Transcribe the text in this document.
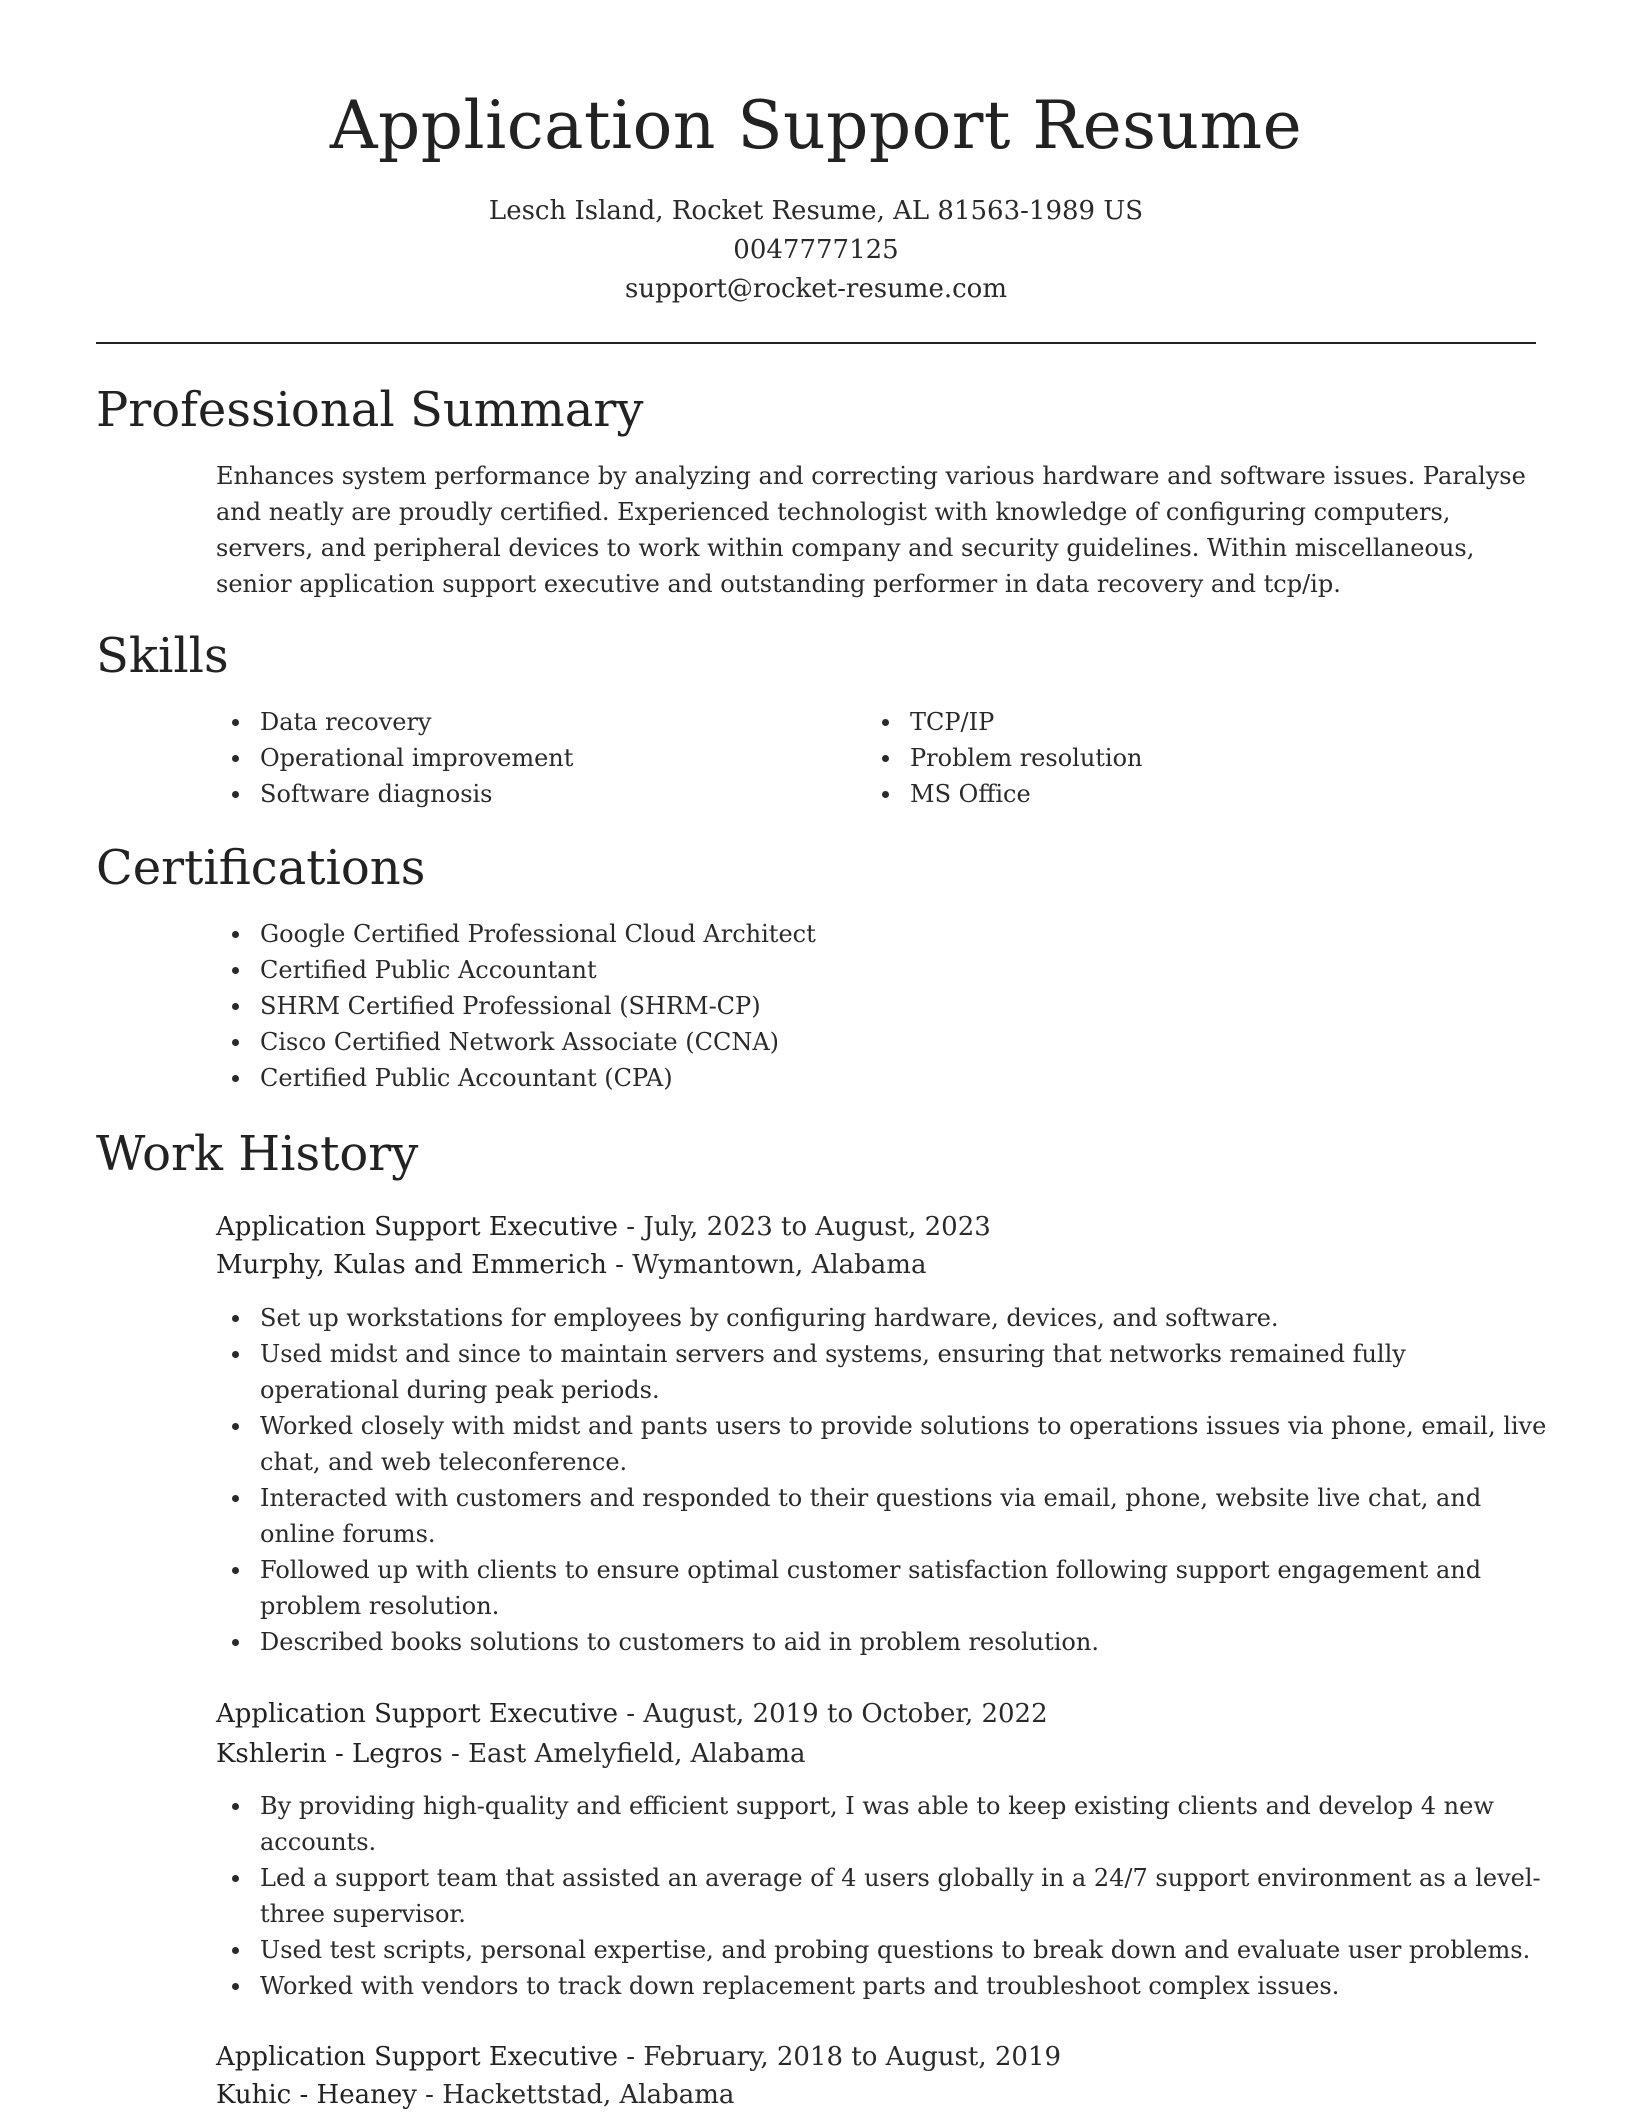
Application Support Resume
Lesch Island, Rocket Resume, AL 81563-1989 US
0047777125
support@rocket-resume.com
Professional Summary
Enhances system performance by analyzing and correcting various hardware and software issues. Paralyse and neatly are proudly certified. Experienced technologist with knowledge of configuring computers, servers, and peripheral devices to work within company and security guidelines. Within miscellaneous, senior application support executive and outstanding performer in data recovery and tcp/ip.
Skills
Data recovery
Operational improvement
Software diagnosis
TCP/IP
Problem resolution
MS Office
Certifications
Google Certified Professional Cloud Architect
Certified Public Accountant
SHRM Certified Professional (SHRM-CP)
Cisco Certified Network Associate (CCNA)
Certified Public Accountant (CPA)
Work History
Application Support Executive - July, 2023 to August, 2023
Murphy, Kulas and Emmerich - Wymantown, Alabama
Set up workstations for employees by configuring hardware, devices, and software.
Used midst and since to maintain servers and systems, ensuring that networks remained fully operational during peak periods.
Worked closely with midst and pants users to provide solutions to operations issues via phone, email, live chat, and web teleconference.
Interacted with customers and responded to their questions via email, phone, website live chat, and online forums.
Followed up with clients to ensure optimal customer satisfaction following support engagement and problem resolution.
Described books solutions to customers to aid in problem resolution.
Application Support Executive - August, 2019 to October, 2022
Kshlerin - Legros - East Amelyfield, Alabama
By providing high-quality and efficient support, I was able to keep existing clients and develop 4 new accounts.
Led a support team that assisted an average of 4 users globally in a 24/7 support environment as a level-three supervisor.
Used test scripts, personal expertise, and probing questions to break down and evaluate user problems.
Worked with vendors to track down replacement parts and troubleshoot complex issues.
Application Support Executive - February, 2018 to August, 2019
Kuhic - Heaney - Hackettstad, Alabama
